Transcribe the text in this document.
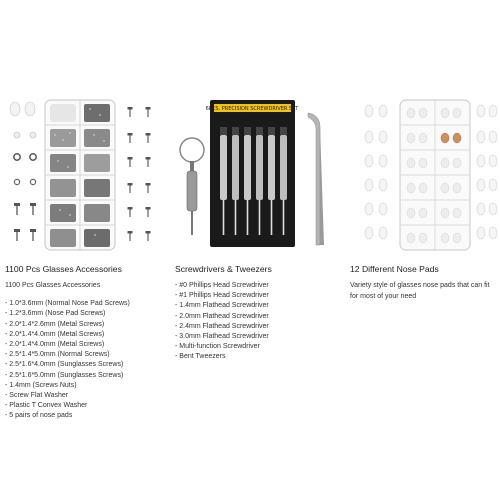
6PCS. PRECISION SCREWDRIVER SET
1100 Pcs Glasses Accessories
1100 Pcs Glasses Accessories
- 1.0*3.6mm (Normal Nose Pad Screws)
- 1.2*3.6mm (Nose Pad Screws)
- 2.0*1.4*2.6mm (Metal Screws)
- 2.0*1.4*4.0mm (Metal Screws)
- 2.0*1.4*4.0mm (Metal Screws)
- 2.5*1.4*5.0mm (Normal Screws)
- 2.5*1.6*4.0mm (Sunglasses Screws)
- 2.5*1.6*5.0mm (Sunglasses Screws)
- 1.4mm (Screws Nuts)
- Screw Flat Washer
- Plastic T Convex Washer
- 5 pairs of nose pads
Screwdrivers & Tweezers
- #0 Phillips Head Screwdriver
- #1 Phillips Head Screwdriver
- 1.4mm Flathead Screwdriver
- 2.0mm Flathead Screwdriver
- 2.4mm Flathead Screwdriver
- 3.0mm Flathead Screwdriver
- Multi-function Screwdriver
- Bent Tweezers
12 Different Nose Pads
Variety style of glasses nose pads that can fit for most of your need
